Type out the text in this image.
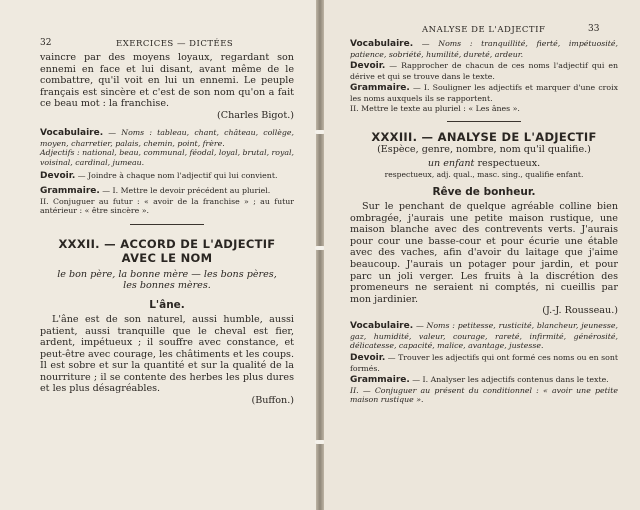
32	EXERCICES — DICTÉES

vaincre par des moyens loyaux, regardant son ennemi en face et lui disant, avant même de le combattre, qu'il voit en lui un ennemi. Le peuple français est sincère et c'est de son nom qu'on a fait ce beau mot : la franchise.

(Charles Bigot.)

Vocabulaire. — Noms : tableau, chant, château, collège, moyen, charretier, palais, chemin, point, frère.

Adjectifs : national, beau, communal, féodal, loyal, brutal, royal, voisinal, cardinal, jumeau.

Devoir. — Joindre à chaque nom l'adjectif qui lui convient.

Grammaire. — I. Mettre le devoir précédent au pluriel.

II. Conjuguer au futur : « avoir de la franchise » ; au futur antérieur : « être sincère ».

XXXII. — ACCORD DE L'ADJECTIF

AVEC LE NOM

le bon père, la bonne mère — les bons pères,

les bonnes mères.

L'âne.

L'âne est de son naturel, aussi humble, aussi patient, aussi tranquille que le cheval est fier, ardent, impétueux ; il souffre avec constance, et peut-être avec courage, les châtiments et les coups. Il est sobre et sur la quantité et sur la qualité de la nourriture ; il se contente des herbes les plus dures et les plus désagréables.

(Buffon.)

ANALYSE DE L'ADJECTIF	33

Vocabulaire. — Noms : tranquillité, fierté, impétuosité, patience, sobriété, humilité, dureté, ardeur.

Devoir. — Rapprocher de chacun de ces noms l'adjectif qui en dérive et qui se trouve dans le texte.

Grammaire. — I. Souligner les adjectifs et marquer d'une croix les noms auxquels ils se rapportent.

II. Mettre le texte au pluriel : « Les ânes ».

XXXIII. — ANALYSE DE L'ADJECTIF

(Espèce, genre, nombre, nom qu'il qualifie.)

un enfant respectueux.

respectueux, adj. qual., masc. sing., qualifie enfant.

Rêve de bonheur.

Sur le penchant de quelque agréable colline bien ombragée, j'aurais une petite maison rustique, une maison blanche avec des contrevents verts. J'aurais pour cour une basse-cour et pour écurie une étable avec des vaches, afin d'avoir du laitage que j'aime beaucoup. J'aurais un potager pour jardin, et pour parc un joli verger. Les fruits à la discrétion des promeneurs ne seraient ni comptés, ni cueillis par mon jardinier.

(J.-J. Rousseau.)

Vocabulaire. — Noms : petitesse, rusticité, blancheur, jeunesse, gaz, humidité, valeur, courage, rareté, infirmité, générosité, délicatesse, capacité, malice, avantage, justesse.

Devoir. — Trouver les adjectifs qui ont formé ces noms ou en sont formés.

Grammaire. — I. Analyser les adjectifs contenus dans le texte.

II. — Conjuguer au présent du conditionnel : « avoir une petite maison rustique ».
